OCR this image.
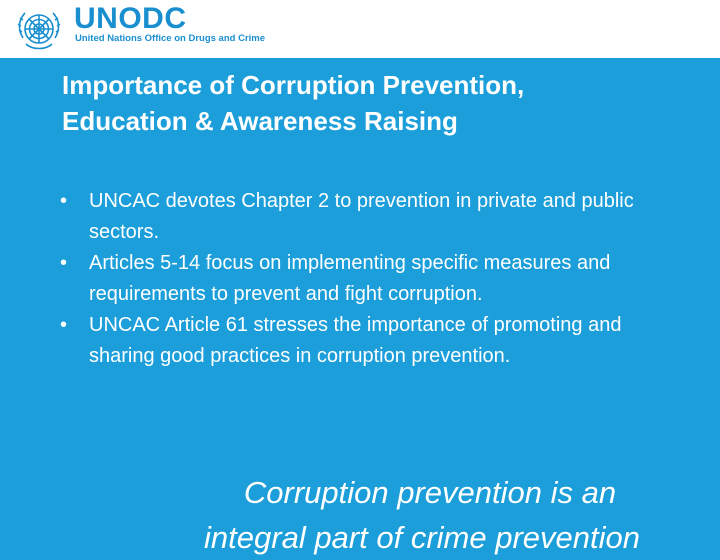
UNODC
United Nations Office on Drugs and Crime
Importance of Corruption Prevention,
Education & Awareness Raising
•	UNCAC devotes Chapter 2 to prevention in private and public sectors.
•	Articles 5-14 focus on implementing specific measures and requirements to prevent and fight corruption.
•	UNCAC Article 61 stresses the importance of promoting and sharing good practices in corruption prevention.

Corruption prevention is an
integral part of crime prevention
